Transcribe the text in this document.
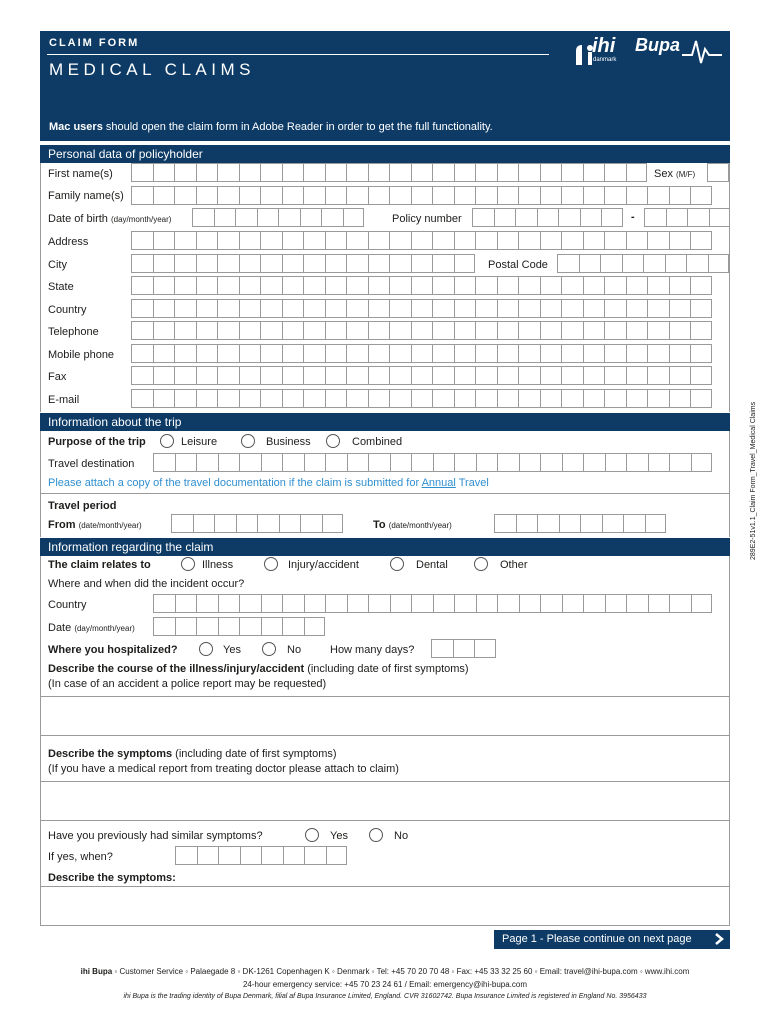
CLAIM FORM
MEDICAL CLAIMS
Mac users should open the claim form in Adobe Reader in order to get the full functionality.
ihi
danmark
Bupa
Personal data of policyholder
First name(s)	Sex (M/F)
Family name(s)
Date of birth (day/month/year)	Policy number	-
Address
City	Postal Code
State
Country
Telephone
Mobile phone
Fax
E-mail
Information about the trip
Purpose of the trip	Leisure	Business	Combined
Travel destination
Please attach a copy of the travel documentation if the claim is submitted for Annual Travel
Travel period
From (date/month/year)	To (date/month/year)
Information regarding the claim
The claim relates to	Illness	Injury/accident	Dental	Other
Where and when did the incident occur?
Country
Date (day/month/year)
Where you hospitalized?	Yes	No	How many days?
Describe the course of the illness/injury/accident (including date of first symptoms)
(In case of an accident a police report may be requested)
Describe the symptoms (including date of first symptoms)
(If you have a medical report from treating doctor please attach to claim)
Have you previously had similar symptoms?	Yes	No
If yes, when?
Describe the symptoms:
Page 1 - Please continue on next page
ihi Bupa ◦ Customer Service ◦ Palaegade 8 ◦ DK-1261 Copenhagen K ◦ Denmark ◦ Tel: +45 70 20 70 48 ◦ Fax: +45 33 32 25 60 ◦ Email: travel@ihi-bupa.com ◦ www.ihi.com
24-hour emergency service: +45 70 23 24 61 / Email: emergency@ihi-bupa.com
ihi Bupa is the trading identity of Bupa Denmark, filial af Bupa Insurance Limited, England. CVR 31602742. Bupa Insurance Limited is registered in England No. 3956433
289E2-51v1.1_Claim Form_Travel_Medical Claims
